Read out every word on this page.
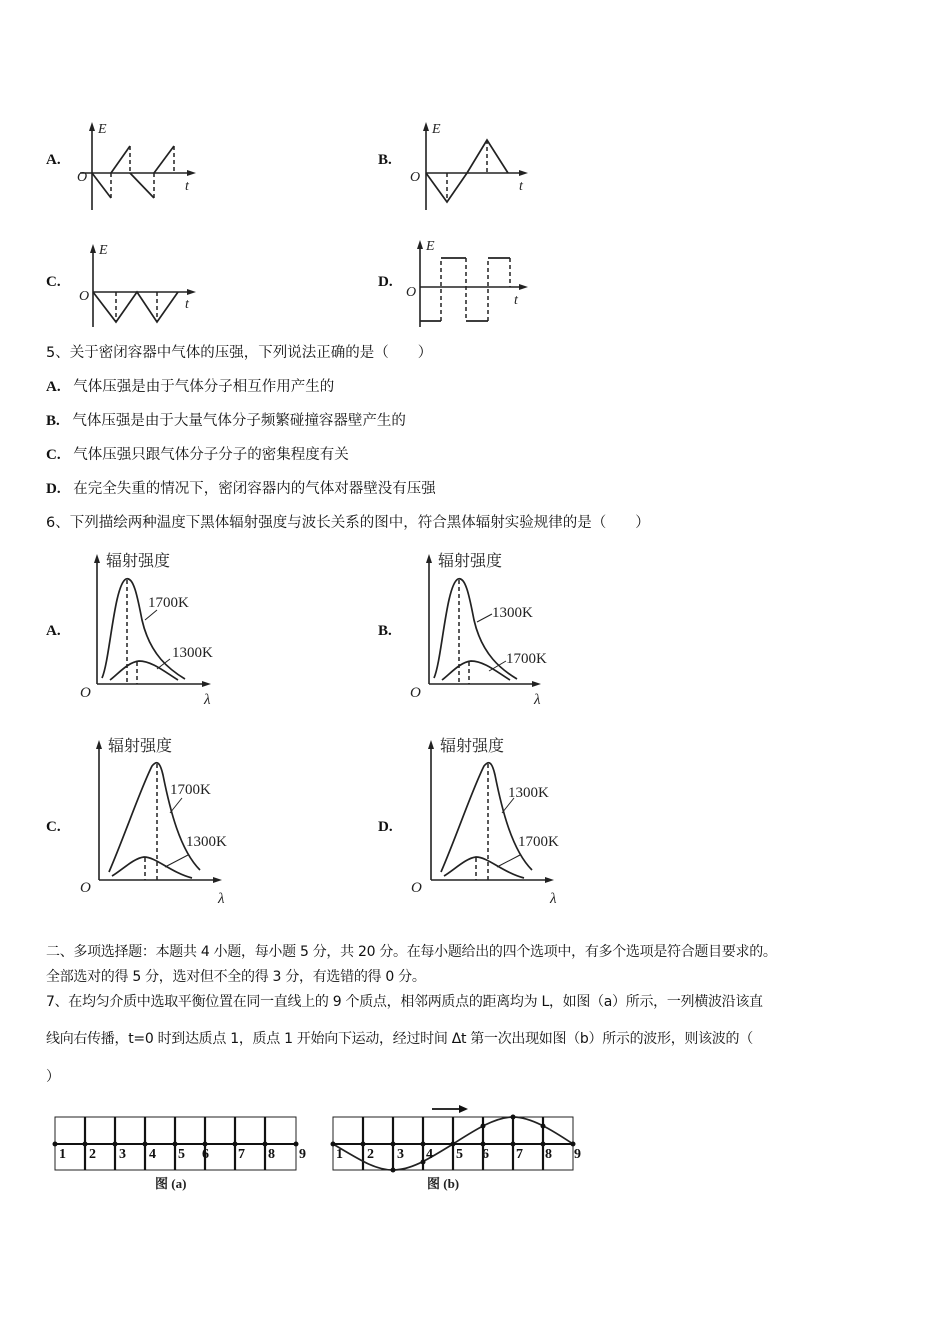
A.	B.
C.	D.
E
O
t
E
O
t
E
O
t
E
O
t
5、关于密闭容器中气体的压强，下列说法正确的是（　　）
A. 气体压强是由于气体分子相互作用产生的
B. 气体压强是由于大量气体分子频繁碰撞容器壁产生的
C. 气体压强只跟气体分子分子的密集程度有关
D. 在完全失重的情况下，密闭容器内的气体对器壁没有压强
6、下列描绘两种温度下黑体辐射强度与波长关系的图中，符合黑体辐射实验规律的是（　　）
A.	B.
C.	D.
辐射强度
O	λ
1700K
1300K
辐射强度
O	λ
1300K
1700K
辐射强度
O
λ
1700K
1300K
辐射强度
O
λ
1300K
1700K
二、多项选择题：本题共 4 小题，每小题 5 分，共 20 分。在每小题给出的四个选项中，有多个选项是符合题目要求的。
全部选对的得 5 分，选对但不全的得 3 分，有选错的得 0 分。
7、在均匀介质中选取平衡位置在同一直线上的 9 个质点，相邻两质点的距离均为 L，如图（a）所示，一列横波沿该直
线向右传播，t=0 时到达质点 1，质点 1 开始向下运动，经过时间 Δt 第一次出现如图（b）所示的波形，则该波的（
）
1 2 3 4 5 6 7 8 9
图 (a)
1 2 3 4 5 6 7 8 9
图 (b)
